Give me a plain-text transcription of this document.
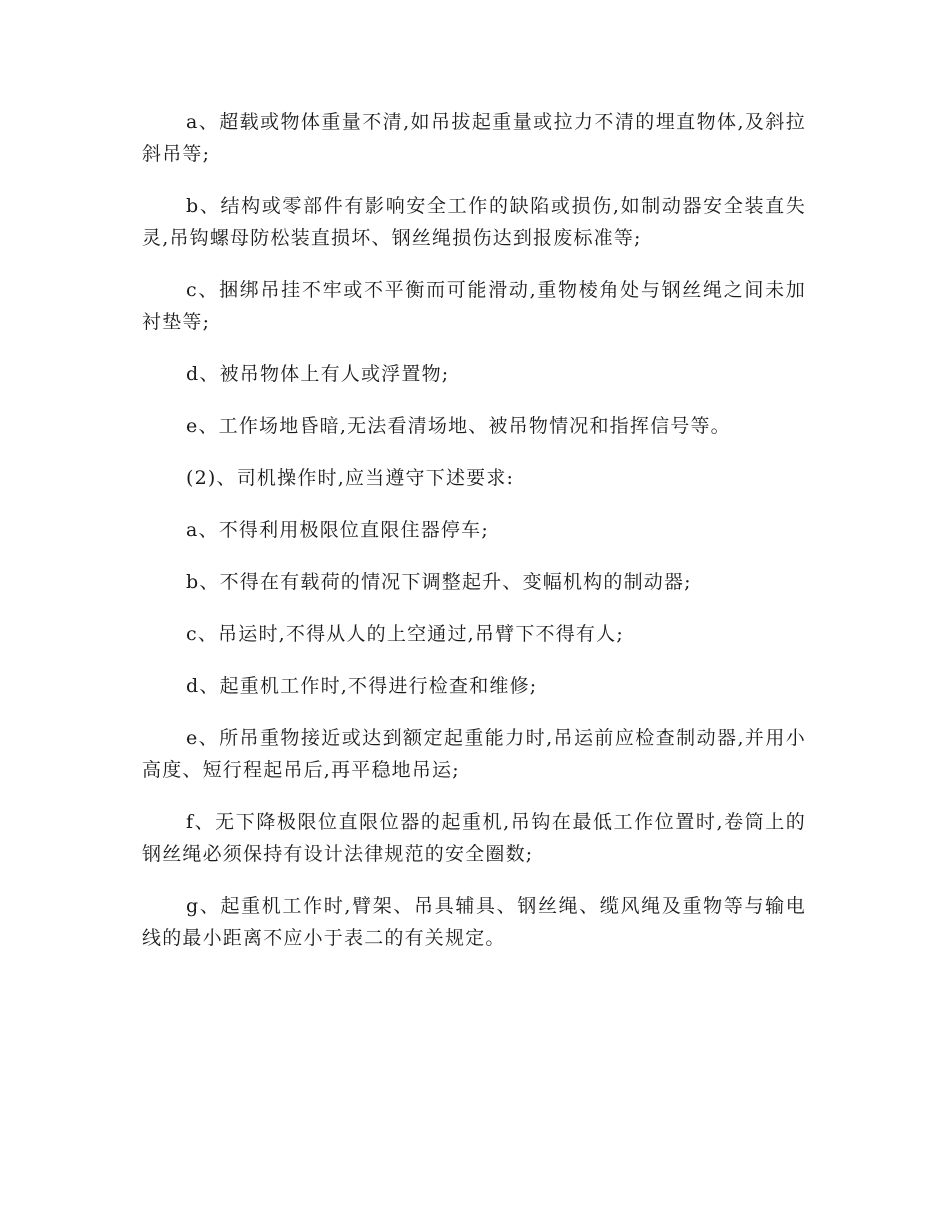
a、超载或物体重量不清,如吊拔起重量或拉力不清的埋直物体,及斜拉斜吊等;

b、结构或零部件有影响安全工作的缺陷或损伤,如制动器安全装直失灵,吊钩螺母防松装直损坏、钢丝绳损伤达到报废标准等;

c、捆绑吊挂不牢或不平衡而可能滑动,重物棱角处与钢丝绳之间未加衬垫等;

d、被吊物体上有人或浮置物;

e、工作场地昏暗,无法看清场地、被吊物情况和指挥信号等。

(2)、司机操作时,应当遵守下述要求:

a、不得利用极限位直限住器停车;

b、不得在有载荷的情况下调整起升、变幅机构的制动器;

c、吊运时,不得从人的上空通过,吊臂下不得有人;

d、起重机工作时,不得进行检查和维修;

e、所吊重物接近或达到额定起重能力时,吊运前应检查制动器,并用小高度、短行程起吊后,再平稳地吊运;

f、无下降极限位直限位器的起重机,吊钩在最低工作位置时,卷筒上的钢丝绳必须保持有设计法律规范的安全圈数;

g、起重机工作时,臂架、吊具辅具、钢丝绳、缆风绳及重物等与输电线的最小距离不应小于表二的有关规定。
